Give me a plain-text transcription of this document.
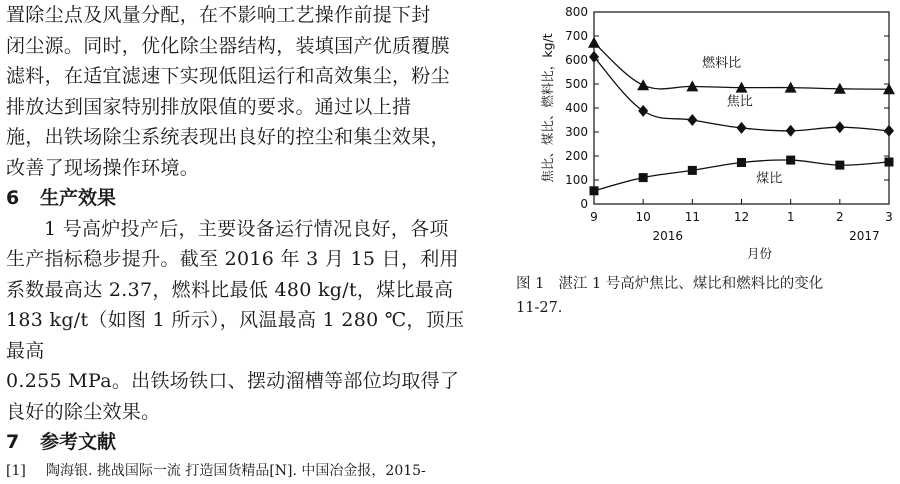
置除尘点及风量分配，在不影响工艺操作前提下封
闭尘源。同时，优化除尘器结构，装填国产优质覆膜
滤料，在适宜滤速下实现低阻运行和高效集尘，粉尘
排放达到国家特别排放限值的要求。通过以上措
施，出铁场除尘系统表现出良好的控尘和集尘效果，
改善了现场操作环境。

6 生产效果

1 号高炉投产后，主要设备运行情况良好，各项
生产指标稳步提升。截至 2016 年 3 月 15 日，利用
系数最高达 2.37，燃料比最低 480 kg/t，煤比最高
183 kg/t（如图 1 所示），风温最高 1 280 ℃，顶压最高
0.255 MPa。出铁场铁口、摆动溜槽等部位均取得了
良好的除尘效果。

7 参考文献

[1] 陶海银. 挑战国际一流 打造国货精品[N]. 中国冶金报，2015-

0
100
200
300
400
500
600
700
800
9	10	11	12	1	2	3
2016	2017
月份
焦比、煤比、燃料比，kg/t	燃料比
焦比
煤比

图 1 湛江 1 号高炉焦比、煤比和燃料比的变化
11-27.
